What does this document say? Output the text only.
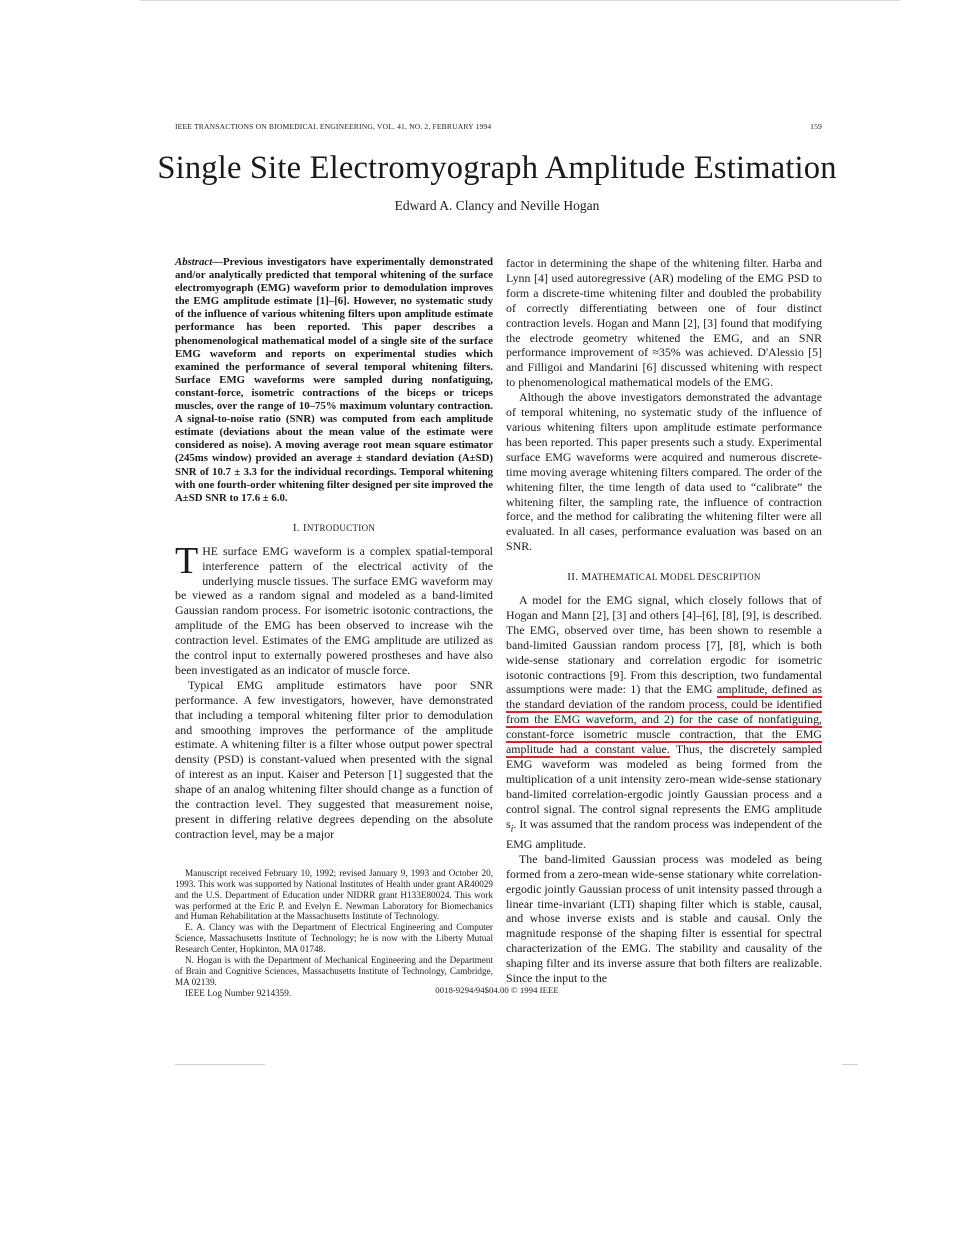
IEEE TRANSACTIONS ON BIOMEDICAL ENGINEERING, VOL. 41, NO. 2, FEBRUARY 1994	159
Single Site Electromyograph Amplitude Estimation
Edward A. Clancy and Neville Hogan

Abstract—Previous investigators have experimentally demonstrated and/or analytically predicted that temporal whitening of the surface electromyograph (EMG) waveform prior to demodulation improves the EMG amplitude estimate [1]–[6]. However, no systematic study of the influence of various whitening filters upon amplitude estimate performance has been reported. This paper describes a phenomenological mathematical model of a single site of the surface EMG waveform and reports on experimental studies which examined the performance of several temporal whitening filters. Surface EMG waveforms were sampled during nonfatiguing, constant-force, isometric contractions of the biceps or triceps muscles, over the range of 10–75% maximum voluntary contraction. A signal-to-noise ratio (SNR) was computed from each amplitude estimate (deviations about the mean value of the estimate were considered as noise). A moving average root mean square estimator (245ms window) provided an average ± standard deviation (A±SD) SNR of 10.7 ± 3.3 for the individual recordings. Temporal whitening with one fourth-order whitening filter designed per site improved the A±SD SNR to 17.6 ± 6.0.

I. INTRODUCTION

THE surface EMG waveform is a complex spatial-temporal interference pattern of the electrical activity of the underlying muscle tissues. The surface EMG waveform may be viewed as a random signal and modeled as a band-limited Gaussian random process. For isometric isotonic contractions, the amplitude of the EMG has been observed to increase wih the contraction level. Estimates of the EMG amplitude are utilized as the control input to externally powered prostheses and have also been investigated as an indicator of muscle force.

Typical EMG amplitude estimators have poor SNR performance. A few investigators, however, have demonstrated that including a temporal whitening filter prior to demodulation and smoothing improves the performance of the amplitude estimate. A whitening filter is a filter whose output power spectral density (PSD) is constant-valued when presented with the signal of interest as an input. Kaiser and Peterson [1] suggested that the shape of an analog whitening filter should change as a function of the contraction level. They suggested that measurement noise, present in differing relative degrees depending on the absolute contraction level, may be a major

Manuscript received February 10, 1992; revised January 9, 1993 and October 20, 1993. This work was supported by National Institutes of Health under grant AR40029 and the U.S. Department of Education under NIDRR grant H133E80024. This work was performed at the Eric P. and Evelyn E. Newman Laboratory for Biomechanics and Human Rehabilitation at the Massachusetts Institute of Technology.

E. A. Clancy was with the Department of Electrical Engineering and Computer Science, Massachusetts Institute of Technology; he is now with the Liberty Mutual Research Center, Hopkinton, MA 01748.

N. Hogan is with the Department of Mechanical Engineering and the Department of Brain and Cognitive Sciences, Massachusetts Institute of Technology, Cambridge, MA 02139.

IEEE Log Number 9214359.

factor in determining the shape of the whitening filter. Harba and Lynn [4] used autoregressive (AR) modeling of the EMG PSD to form a discrete-time whitening filter and doubled the probability of correctly differentiating between one of four distinct contraction levels. Hogan and Mann [2], [3] found that modifying the electrode geometry whitened the EMG, and an SNR performance improvement of ≈35% was achieved. D'Alessio [5] and Filligoi and Mandarini [6] discussed whitening with respect to phenomenological mathematical models of the EMG.

Although the above investigators demonstrated the advantage of temporal whitening, no systematic study of the influence of various whitening filters upon amplitude estimate performance has been reported. This paper presents such a study. Experimental surface EMG waveforms were acquired and numerous discrete-time moving average whitening filters compared. The order of the whitening filter, the time length of data used to “calibrate” the whitening filter, the sampling rate, the influence of contraction force, and the method for calibrating the whitening filter were all evaluated. In all cases, performance evaluation was based on an SNR.

II. MATHEMATICAL MODEL DESCRIPTION

A model for the EMG signal, which closely follows that of Hogan and Mann [2], [3] and others [4]–[6], [8], [9], is described. The EMG, observed over time, has been shown to resemble a band-limited Gaussian random process [7], [8], which is both wide-sense stationary and correlation ergodic for isometric isotonic contractions [9]. From this description, two fundamental assumptions were made: 1) that the EMG amplitude, defined as the standard deviation of the random process, could be identified from the EMG waveform, and 2) for the case of nonfatiguing, constant-force isometric muscle contraction, that the EMG amplitude had a constant value. Thus, the discretely sampled EMG waveform was modeled as being formed from the multiplication of a unit intensity zero-mean wide-sense stationary band-limited correlation-ergodic jointly Gaussian process and a control signal. The control signal represents the EMG amplitude $s_i$. It was assumed that the random process was independent of the EMG amplitude.

The band-limited Gaussian process was modeled as being formed from a zero-mean wide-sense stationary white correlation-ergodic jointly Gaussian process of unit intensity passed through a linear time-invariant (LTI) shaping filter which is stable, causal, and whose inverse exists and is stable and causal. Only the magnitude response of the shaping filter is essential for spectral characterization of the EMG. The stability and causality of the shaping filter and its inverse assure that both filters are realizable. Since the input to the

0018-9294/94$04.00 © 1994 IEEE
